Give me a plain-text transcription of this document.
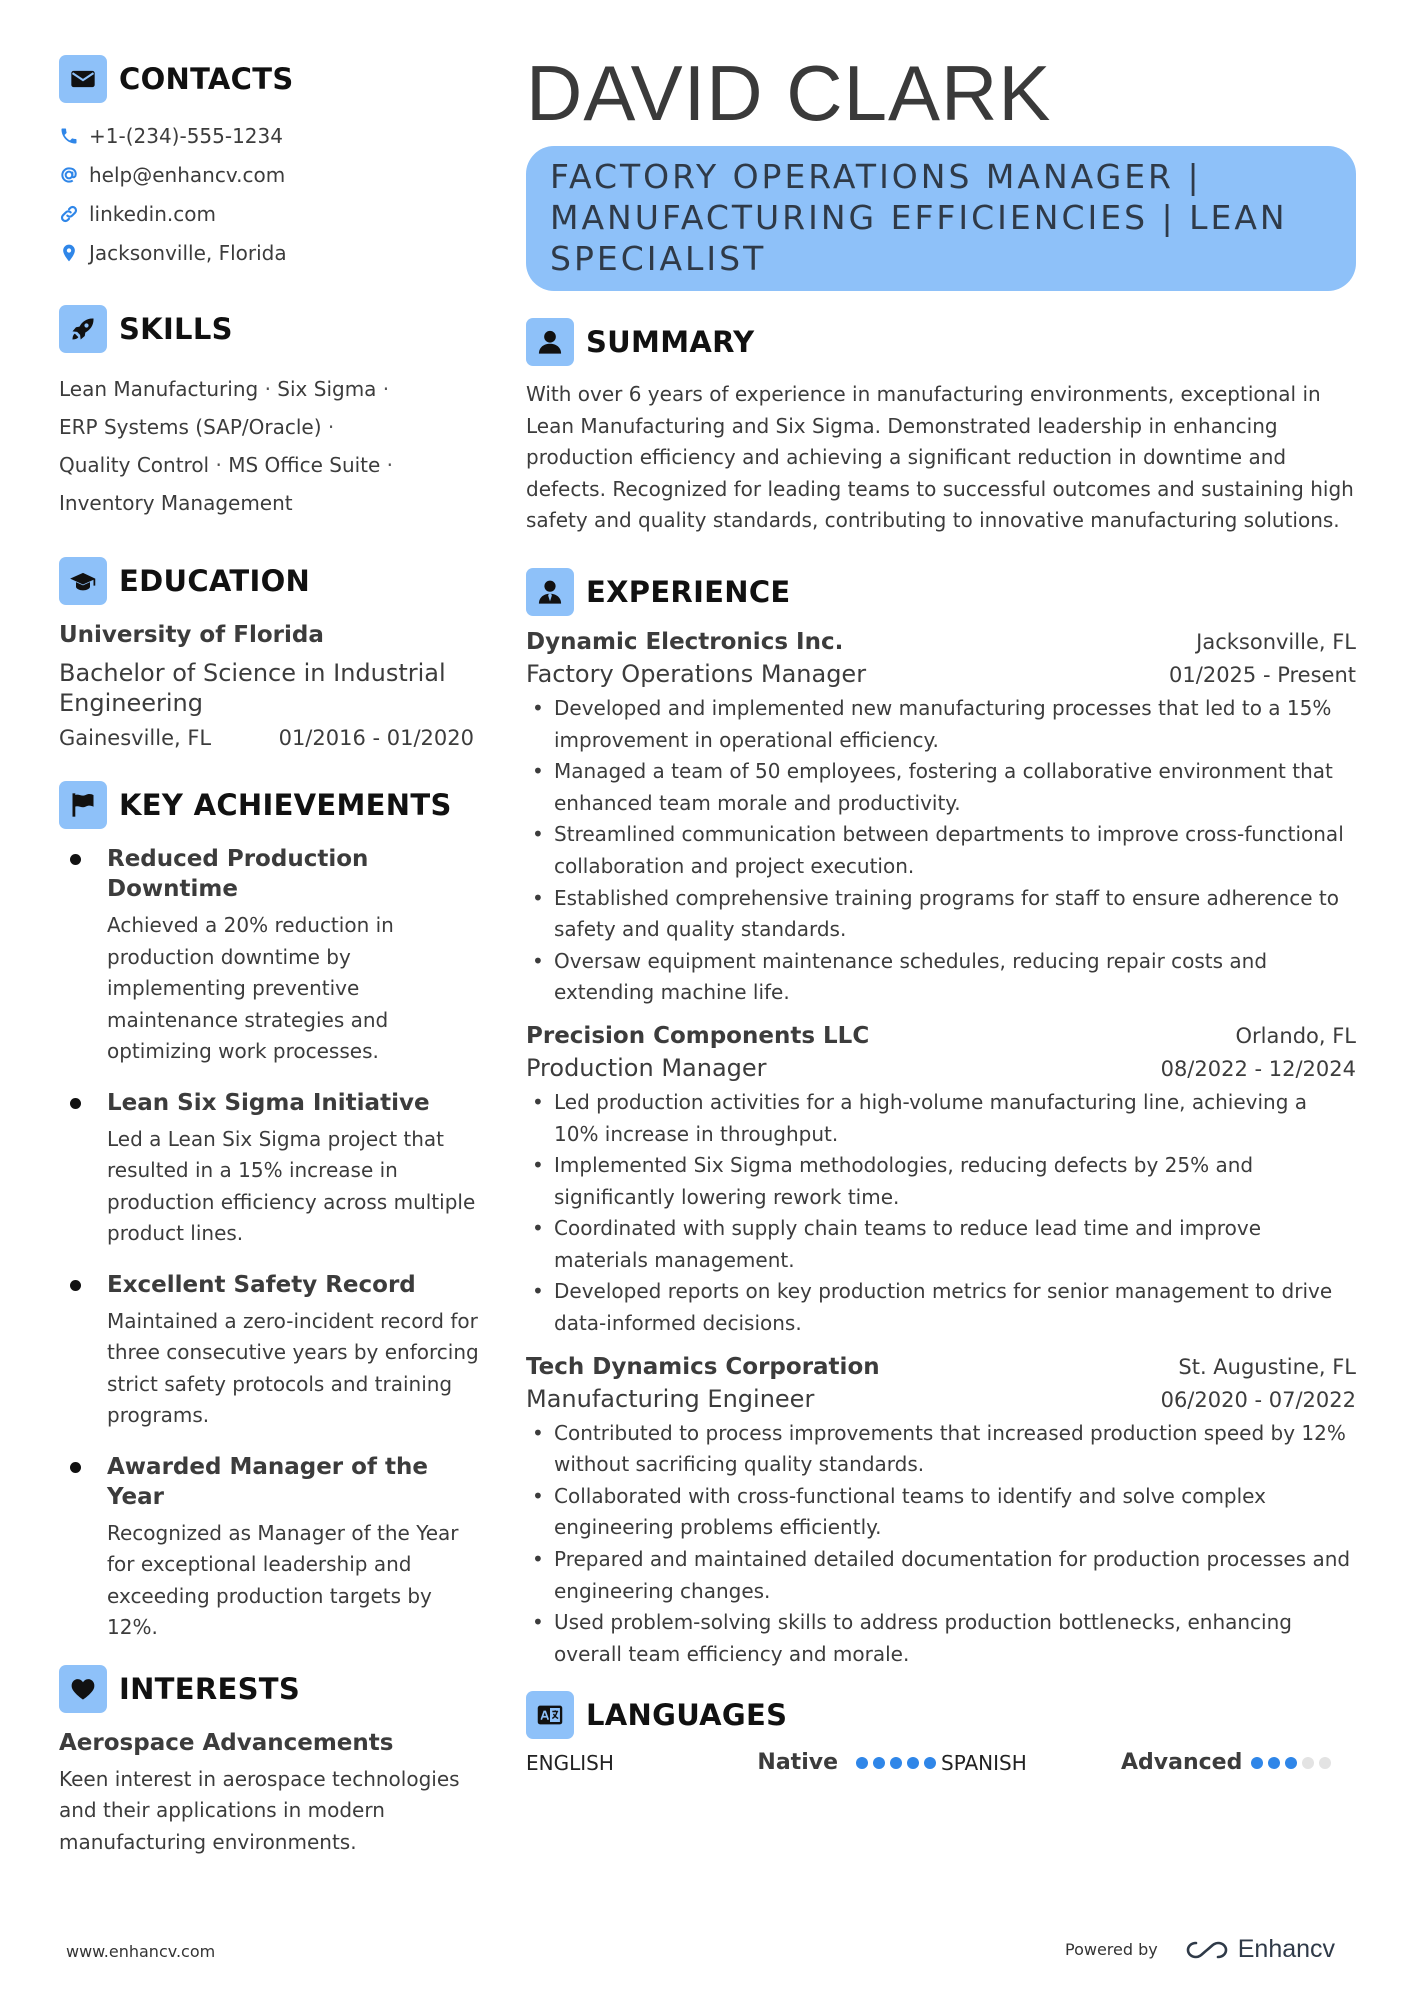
CONTACTS
+1-(234)-555-1234
help@enhancv.com
linkedin.com
Jacksonville, Florida
SKILLS
Lean Manufacturing · Six Sigma ·
ERP Systems (SAP/Oracle) ·
Quality Control · MS Office Suite ·
Inventory Management
EDUCATION
University of Florida
Bachelor of Science in Industrial Engineering
Gainesville, FL	01/2016 - 01/2020
KEY ACHIEVEMENTS
Reduced Production Downtime
Achieved a 20% reduction in production downtime by implementing preventive maintenance strategies and optimizing work processes.
Lean Six Sigma Initiative
Led a Lean Six Sigma project that resulted in a 15% increase in production efficiency across multiple product lines.
Excellent Safety Record
Maintained a zero-incident record for three consecutive years by enforcing strict safety protocols and training programs.
Awarded Manager of the Year
Recognized as Manager of the Year for exceptional leadership and exceeding production targets by 12%.
INTERESTS
Aerospace Advancements
Keen interest in aerospace technologies and their applications in modern manufacturing environments.
DAVID CLARK
FACTORY OPERATIONS MANAGER | MANUFACTURING EFFICIENCIES | LEAN SPECIALIST
SUMMARY
With over 6 years of experience in manufacturing environments, exceptional in Lean Manufacturing and Six Sigma. Demonstrated leadership in enhancing production efficiency and achieving a significant reduction in downtime and defects. Recognized for leading teams to successful outcomes and sustaining high safety and quality standards, contributing to innovative manufacturing solutions.
EXPERIENCE
Dynamic Electronics Inc.	Jacksonville, FL
Factory Operations Manager	01/2025 - Present
• Developed and implemented new manufacturing processes that led to a 15% improvement in operational efficiency.
• Managed a team of 50 employees, fostering a collaborative environment that enhanced team morale and productivity.
• Streamlined communication between departments to improve cross-functional collaboration and project execution.
• Established comprehensive training programs for staff to ensure adherence to safety and quality standards.
• Oversaw equipment maintenance schedules, reducing repair costs and extending machine life.
Precision Components LLC	Orlando, FL
Production Manager	08/2022 - 12/2024
• Led production activities for a high-volume manufacturing line, achieving a 10% increase in throughput.
• Implemented Six Sigma methodologies, reducing defects by 25% and significantly lowering rework time.
• Coordinated with supply chain teams to reduce lead time and improve materials management.
• Developed reports on key production metrics for senior management to drive data-informed decisions.
Tech Dynamics Corporation	St. Augustine, FL
Manufacturing Engineer	06/2020 - 07/2022
• Contributed to process improvements that increased production speed by 12% without sacrificing quality standards.
• Collaborated with cross-functional teams to identify and solve complex engineering problems efficiently.
• Prepared and maintained detailed documentation for production processes and engineering changes.
• Used problem-solving skills to address production bottlenecks, enhancing overall team efficiency and morale.
LANGUAGES
ENGLISH	Native	SPANISH	Advanced
www.enhancv.com	Powered by	Enhancv
